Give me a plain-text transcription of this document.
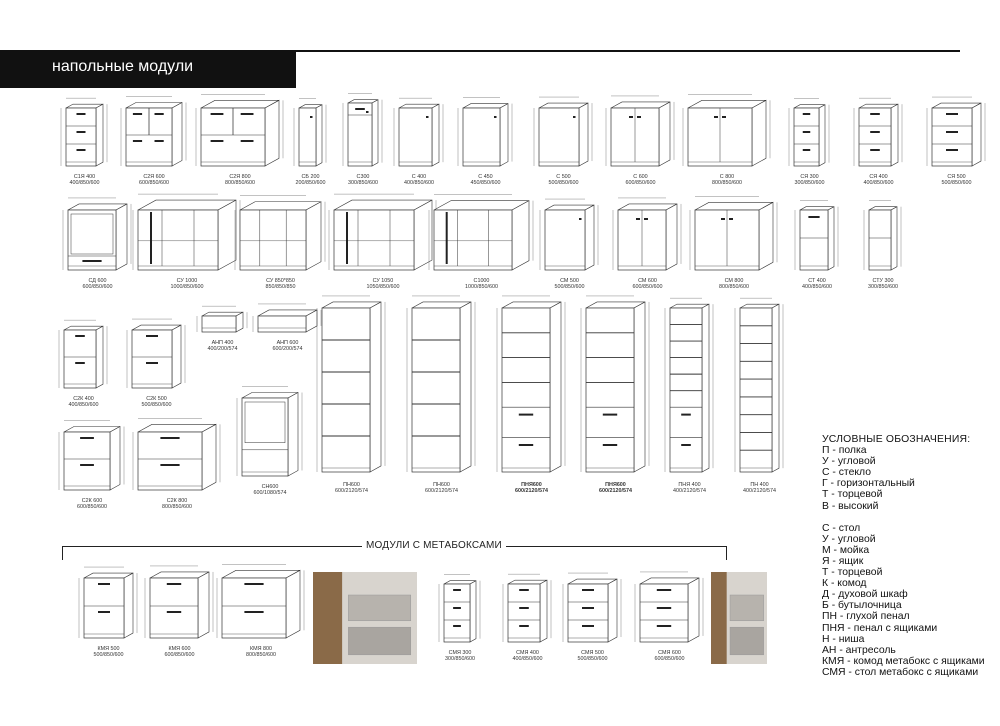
напольные модули
С1Я 400
400/850/600
С2Я 600
600/850/600
С2Я 800
800/850/600
СБ 200
200/850/600
С300
300/850/600
С 400
400/850/600
С 450
450/850/600
С 500
500/850/600
С 600
600/850/600
С 800
800/850/600
СЯ 300
300/850/600
СЯ 400
400/850/600
СЯ 500
500/850/600
СД 600
600/850/600
СУ 1000
1000/850/600
СУ 850*850
850/850/850
СУ 1050
1050/850/600
С1000
1000/850/600
СМ 500
500/850/600
СМ 600
600/850/600
СМ 800
800/850/600
СТ 400
400/850/600
СТУ 300
300/850/600
С2К 400
400/850/600
С2К 500
500/850/600
АНП 400
400/200/574
АНП 600
600/200/574
СН600
600/1080/574
ПН600
600/2120/574
ПН600
600/2120/574
ПНЯ600
600/2120/574
ПНЯ600
600/2120/574
ПНЯ 400
400/2120/574
ПН 400
400/2120/574
С2К 600
600/850/600
С2К 800
800/850/600
КМЯ 500
500/850/600
КМЯ 600
600/850/600
КМЯ 800
800/850/600	СМЯ 300
300/850/600
СМЯ 400
400/850/600
СМЯ 500
500/850/600
СМЯ 600
600/850/600
МОДУЛИ С МЕТАБОКСАМИ
УСЛОВНЫЕ ОБОЗНАЧЕНИЯ:
П - полка
У - угловой
С - стекло
Г - горизонтальный
Т - торцевой
В - высокий
С - стол
У - угловой
М - мойка
Я - ящик
Т - торцевой
К - комод
Д - духовой шкаф
Б - бутылочница
ПН - глухой пенал
ПНЯ - пенал с ящиками
Н - ниша
АН - антресоль
КМЯ - комод метабокс с ящиками
СМЯ - стол метабокс с ящиками
